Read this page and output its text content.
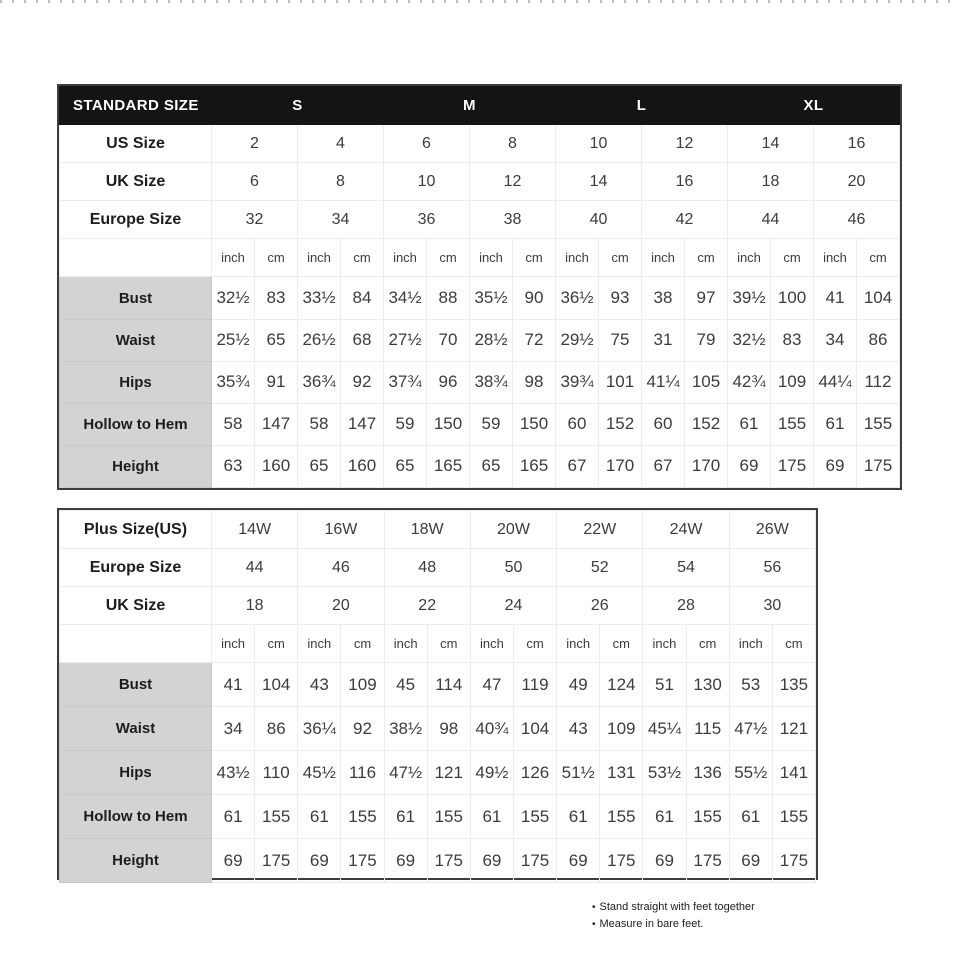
STANDARD SIZE	S				M				L				XL			
US Size	2		4		6		8		10		12		14		16	
UK Size	6		8		10		12		14		16		18		20	
Europe Size	32		34		36		38		40		42		44		46	
	inch	cm	inch	cm	inch	cm	inch	cm	inch	cm	inch	cm	inch	cm	inch	cm
Bust	32½	83	33½	84	34½	88	35½	90	36½	93	38	97	39½	100	41	104
Waist	25½	65	26½	68	27½	70	28½	72	29½	75	31	79	32½	83	34	86
Hips	35¾	91	36¾	92	37¾	96	38¾	98	39¾	101	41¼	105	42¾	109	44¼	112
Hollow to Hem	58	147	58	147	59	150	59	150	60	152	60	152	61	155	61	155
Height	63	160	65	160	65	165	65	165	67	170	67	170	69	175	69	175
Plus Size(US)	14W		16W		18W		20W		22W		24W		26W	
Europe Size	44		46		48		50		52		54		56	
UK Size	18		20		22		24		26		28		30	
	inch	cm	inch	cm	inch	cm	inch	cm	inch	cm	inch	cm	inch	cm
Bust	41	104	43	109	45	114	47	119	49	124	51	130	53	135
Waist	34	86	36¼	92	38½	98	40¾	104	43	109	45¼	115	47½	121
Hips	43½	110	45½	116	47½	121	49½	126	51½	131	53½	136	55½	141
Hollow to Hem	61	155	61	155	61	155	61	155	61	155	61	155	61	155
Height	69	175	69	175	69	175	69	175	69	175	69	175	69	175
• Stand straight with feet together
• Measure in bare feet.
